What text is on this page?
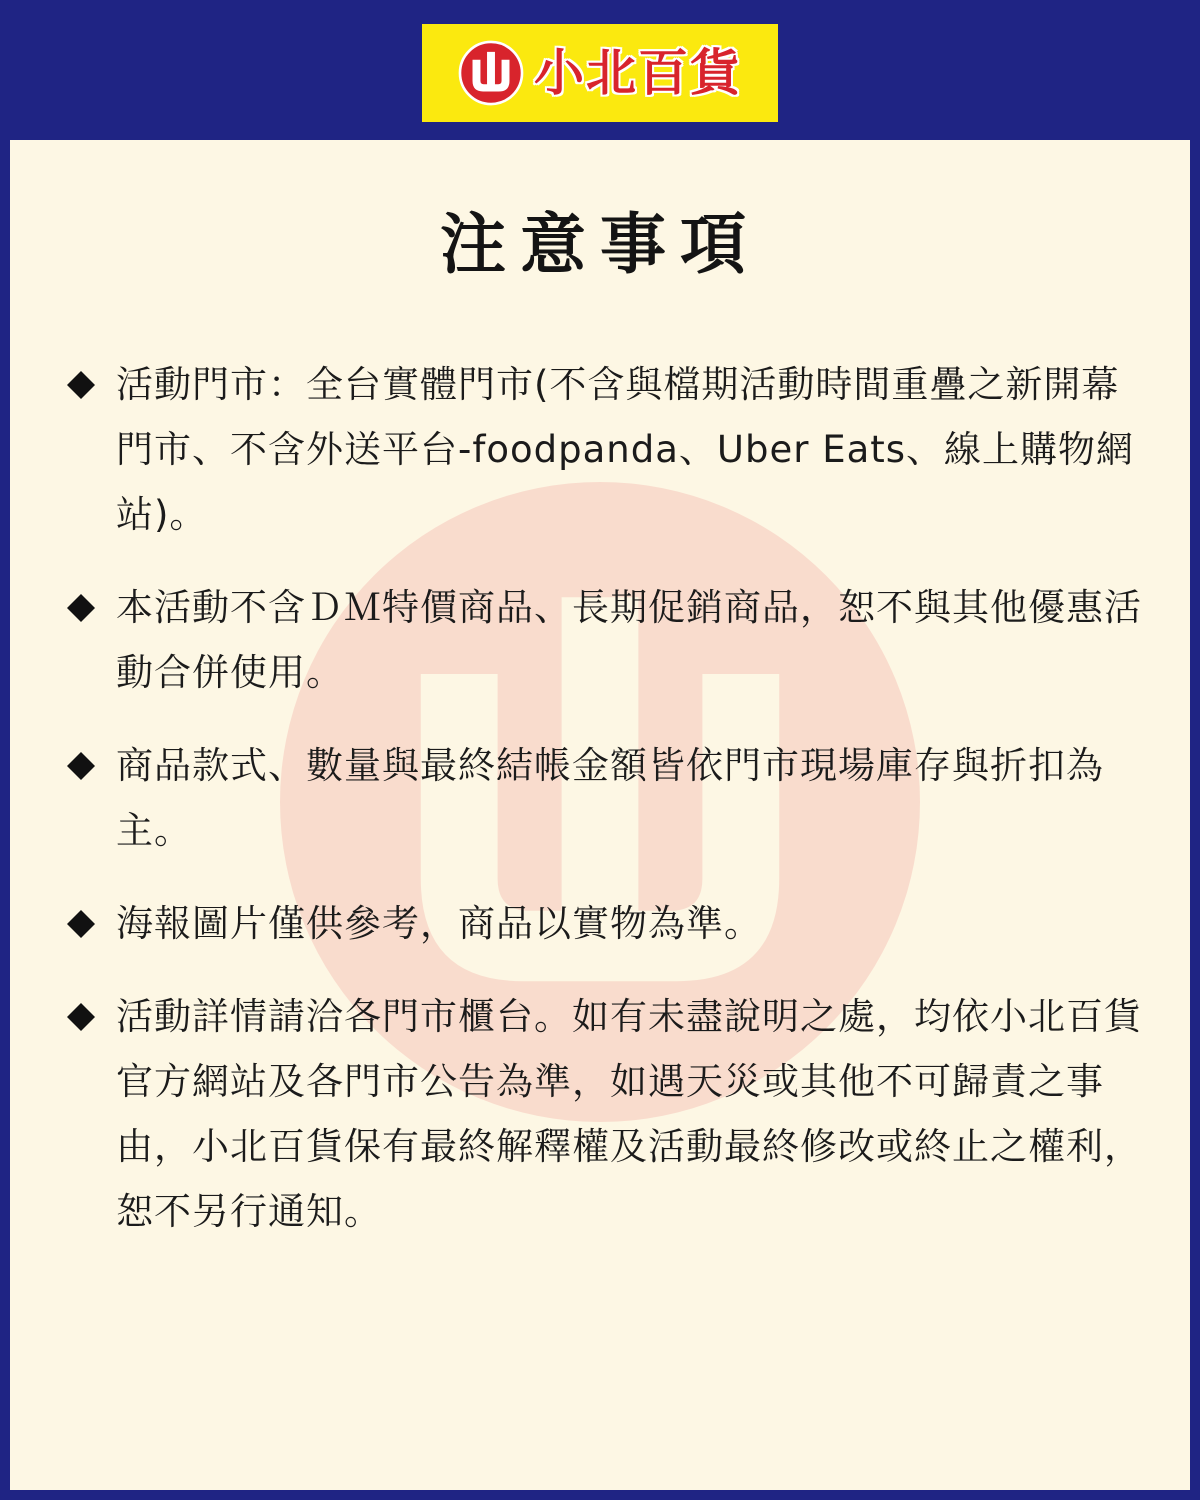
小北百貨
注意事項
活動門市：全台實體門市(不含與檔期活動時間重疊之新開幕門市、不含外送平台-foodpanda、Uber Eats、線上購物網站)。
本活動不含ＤＭ特價商品、長期促銷商品，恕不與其他優惠活動合併使用。
商品款式、數量與最終結帳金額皆依門市現場庫存與折扣為主。
海報圖片僅供參考，商品以實物為準。
活動詳情請洽各門市櫃台。如有未盡說明之處，均依小北百貨官方網站及各門市公告為準，如遇天災或其他不可歸責之事由，小北百貨保有最終解釋權及活動最終修改或終止之權利，恕不另行通知。
